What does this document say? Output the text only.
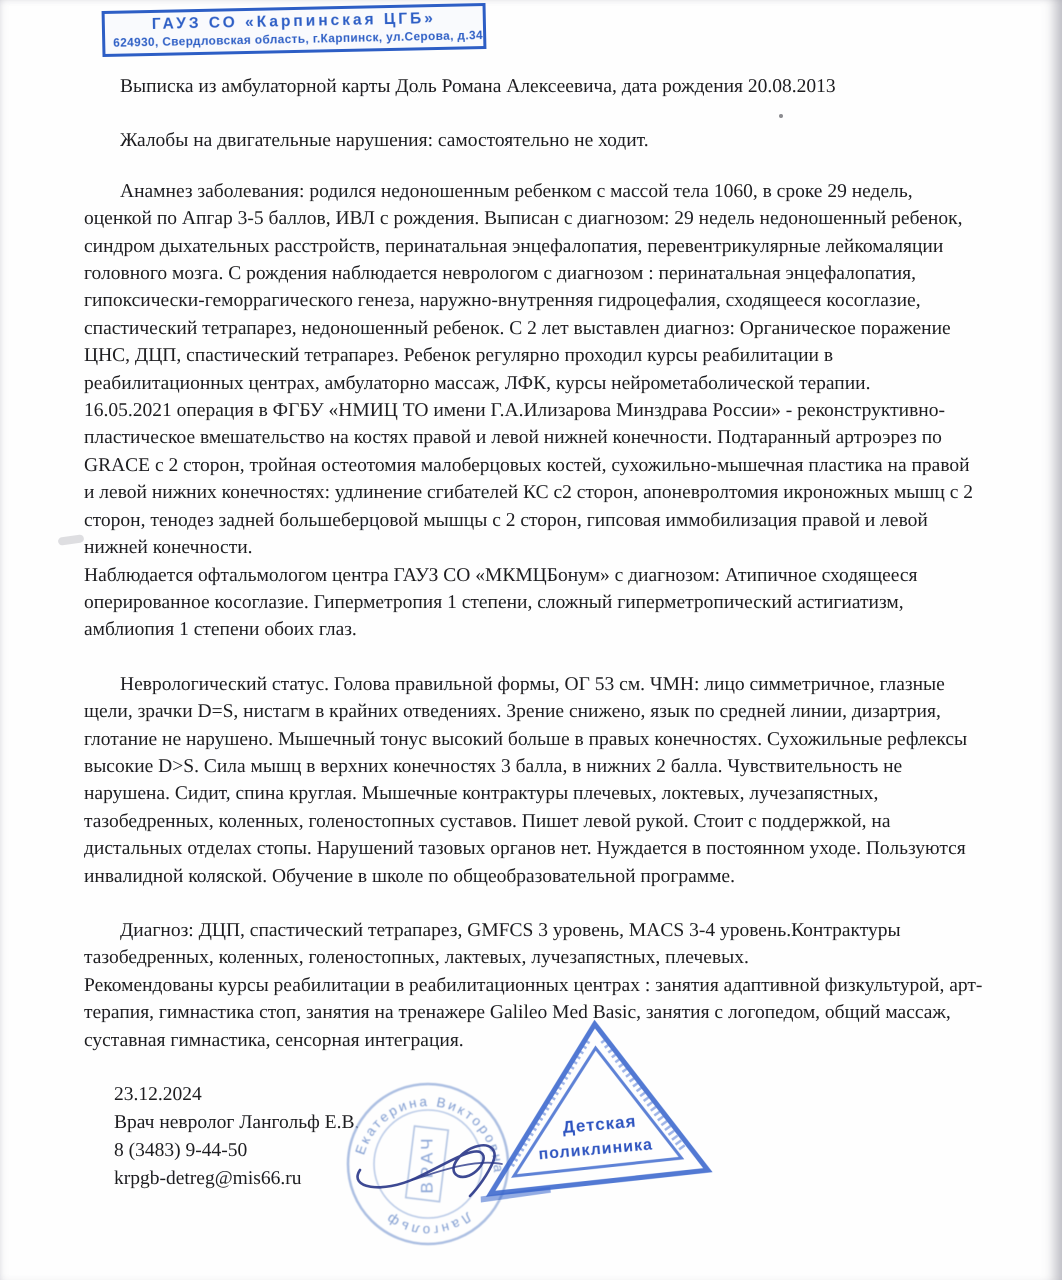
ГАУЗ СО «Карпинская ЦГБ»
624930, Свердловская область, г.Карпинск, ул.Серова, д.34

Выписка из амбулаторной карты Доль Романа Алексеевича, дата рождения 20.08.2013

Жалобы на двигательные нарушения: самостоятельно не ходит.

Анамнез заболевания: родился недоношенным ребенком с массой тела 1060, в сроке 29 недель, оценкой по Апгар 3-5 баллов, ИВЛ с рождения. Выписан с диагнозом: 29 недель недоношенный ребенок, синдром дыхательных расстройств, перинатальная энцефалопатия, перевентрикулярные лейкомаляции головного мозга. С рождения наблюдается неврологом с диагнозом : перинатальная энцефалопатия, гипоксически-геморрагического генеза, наружно-внутренняя гидроцефалия, сходящееся косоглазие, спастический тетрапарез, недоношенный ребенок. С 2 лет выставлен диагноз: Органическое поражение ЦНС, ДЦП, спастический тетрапарез. Ребенок регулярно проходил курсы реабилитации в реабилитационных центрах, амбулаторно массаж, ЛФК, курсы нейрометаболической терапии.

16.05.2021 операция в ФГБУ «НМИЦ ТО имени Г.А.Илизарова Минздрава России» - реконструктивно-пластическое вмешательство на костях правой и левой нижней конечности. Подтаранный артроэрез по GRACE с 2 сторон, тройная остеотомия малоберцовых костей, сухожильно-мышечная пластика на правой и левой нижних конечностях: удлинение сгибателей КС с2 сторон, апоневролтомия икроножных мышц с 2 сторон, тенодез задней большеберцовой мышцы с 2 сторон, гипсовая иммобилизация правой и левой нижней конечности.

Наблюдается офтальмологом центра ГАУЗ СО «МКМЦБонум» с диагнозом: Атипичное сходящееся оперированное косоглазие. Гиперметропия 1 степени, сложный гиперметропический астигиатизм, амблиопия 1 степени обоих глаз.

Неврологический статус. Голова правильной формы, ОГ 53 см. ЧМН: лицо симметричное, глазные щели, зрачки D=S, нистагм в крайних отведениях. Зрение снижено, язык по средней линии, дизартрия, глотание не нарушено. Мышечный тонус высокий больше в правых конечностях. Сухожильные рефлексы высокие D>S. Сила мышц в верхних конечностях 3 балла, в нижних 2 балла. Чувствительность не нарушена. Сидит, спина круглая. Мышечные контрактуры плечевых, локтевых, лучезапястных, тазобедренных, коленных, голеностопных суставов. Пишет левой рукой. Стоит с поддержкой, на дистальных отделах стопы. Нарушений тазовых органов нет. Нуждается в постоянном уходе. Пользуются инвалидной коляской. Обучение в школе по общеобразовательной программе.

Диагноз: ДЦП, спастический тетрапарез, GMFCS 3 уровень, MACS 3-4 уровень.Контрактуры тазобедренных, коленных, голеностопных, лактевых, лучезапястных, плечевых.

Рекомендованы курсы реабилитации в реабилитационных центрах : занятия адаптивной физкультурой, арт-терапия, гимнастика стоп, занятия на тренажере Galileo Med Basic, занятия с логопедом, общий массаж, суставная гимнастика, сенсорная интеграция.

23.12.2024
Врач невролог Лангольф Е.В.
8 (3483) 9-44-50
krpgb-detreg@mis66.ru
Екатерина Викторовна
Лангольф
ВРАЧ
Детская
поликлиника
